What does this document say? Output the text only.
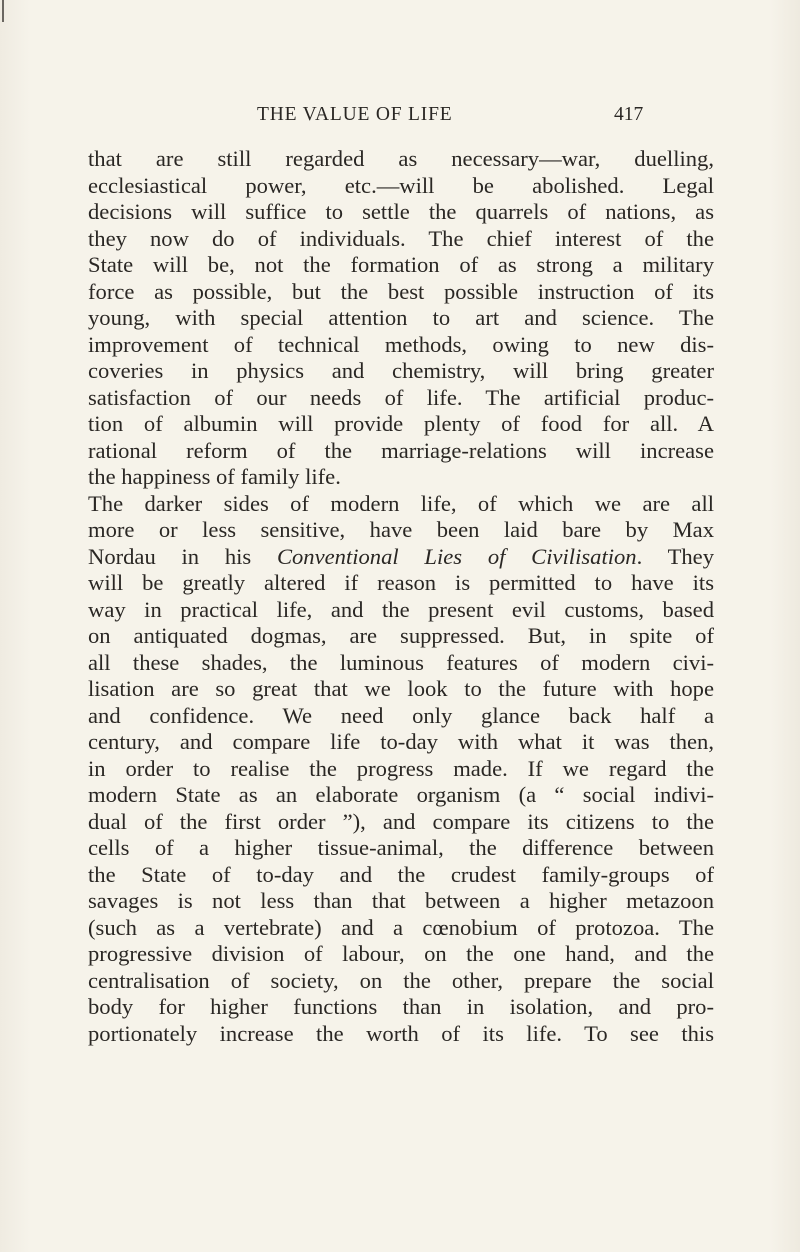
THE VALUE OF LIFE	417
that are still regarded as necessary—war, duelling,
ecclesiastical power, etc.—will be abolished. Legal
decisions will suffice to settle the quarrels of nations, as
they now do of individuals. The chief interest of the
State will be, not the formation of as strong a military
force as possible, but the best possible instruction of its
young, with special attention to art and science. The
improvement of technical methods, owing to new dis-
coveries in physics and chemistry, will bring greater
satisfaction of our needs of life. The artificial produc-
tion of albumin will provide plenty of food for all. A
rational reform of the marriage-relations will increase
the happiness of family life.
The darker sides of modern life, of which we are all
more or less sensitive, have been laid bare by Max
Nordau in his Conventional Lies of Civilisation. They
will be greatly altered if reason is permitted to have its
way in practical life, and the present evil customs, based
on antiquated dogmas, are suppressed. But, in spite of
all these shades, the luminous features of modern civi-
lisation are so great that we look to the future with hope
and confidence. We need only glance back half a
century, and compare life to-day with what it was then,
in order to realise the progress made. If we regard the
modern State as an elaborate organism (a “ social indivi-
dual of the first order ”), and compare its citizens to the
cells of a higher tissue-animal, the difference between
the State of to-day and the crudest family-groups of
savages is not less than that between a higher metazoon
(such as a vertebrate) and a cœnobium of protozoa. The
progressive division of labour, on the one hand, and the
centralisation of society, on the other, prepare the social
body for higher functions than in isolation, and pro-
portionately increase the worth of its life. To see this
